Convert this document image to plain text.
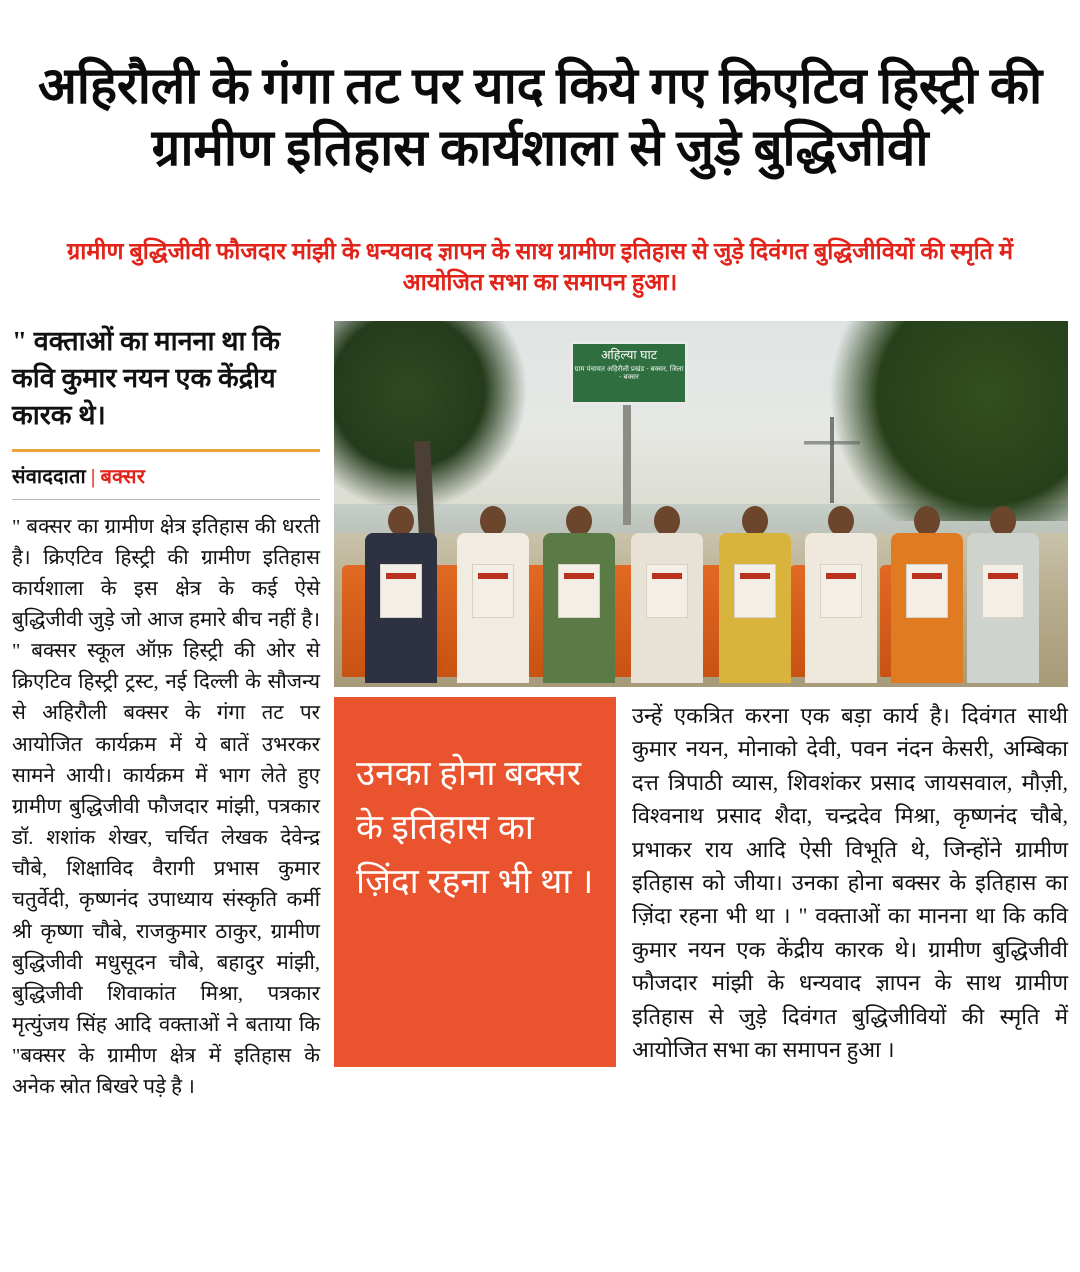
अहिरौली के गंगा तट पर याद किये गए क्रिएटिव हिस्ट्री की ग्रामीण इतिहास कार्यशाला से जुड़े बुद्धिजीवी
ग्रामीण बुद्धिजीवी फौजदार मांझी के धन्यवाद ज्ञापन के साथ ग्रामीण इतिहास से जुड़े दिवंगत बुद्धिजीवियों की स्मृति में आयोजित सभा का समापन हुआ।
" वक्ताओं का मानना था कि कवि कुमार नयन एक केंद्रीय कारक थे।
संवाददाता | बक्सर
" बक्सर का ग्रामीण क्षेत्र इतिहास की धरती है। क्रिएटिव हिस्ट्री की ग्रामीण इतिहास कार्यशाला के इस क्षेत्र के कई ऐसे बुद्धिजीवी जुड़े जो आज हमारे बीच नहीं है। " बक्सर स्कूल ऑफ़ हिस्ट्री की ओर से क्रिएटिव हिस्ट्री ट्रस्ट, नई दिल्ली के सौजन्य से अहिरौली बक्सर के गंगा तट पर आयोजित कार्यक्रम में ये बातें उभरकर सामने आयी। कार्यक्रम में भाग लेते हुए ग्रामीण बुद्धिजीवी फौजदार मांझी, पत्रकार डॉ. शशांक शेखर, चर्चित लेखक देवेन्द्र चौबे, शिक्षाविद वैरागी प्रभास कुमार चतुर्वेदी, कृष्णनंद उपाध्याय संस्कृति कर्मी श्री कृष्णा चौबे, राजकुमार ठाकुर, ग्रामीण बुद्धिजीवी मधुसूदन चौबे, बहादुर मांझी, बुद्धिजीवी शिवाकांत मिश्रा, पत्रकार मृत्युंजय सिंह आदि वक्ताओं ने बताया कि "बक्सर के ग्रामीण क्षेत्र में इतिहास के अनेक स्रोत बिखरे पड़े है ।
अहिल्या घाट
ग्राम पंचायत अहिरौली प्रखंड - बक्सर, जिला - बक्सर
उनका होना बक्सर के इतिहास का ज़िंदा रहना भी था ।
उन्हें एकत्रित करना एक बड़ा कार्य है। दिवंगत साथी कुमार नयन, मोनाको देवी, पवन नंदन केसरी, अम्बिका दत्त त्रिपाठी व्यास, शिवशंकर प्रसाद जायसवाल, मौज़ी, विश्वनाथ प्रसाद शैदा, चन्द्रदेव मिश्रा, कृष्णनंद चौबे, प्रभाकर राय आदि ऐसी विभूति थे, जिन्होंने ग्रामीण इतिहास को जीया। उनका होना बक्सर के इतिहास का ज़िंदा रहना भी था । " वक्ताओं का मानना था कि कवि कुमार नयन एक केंद्रीय कारक थे। ग्रामीण बुद्धिजीवी फौजदार मांझी के धन्यवाद ज्ञापन के साथ ग्रामीण इतिहास से जुड़े दिवंगत बुद्धिजीवियों की स्मृति में आयोजित सभा का समापन हुआ ।
